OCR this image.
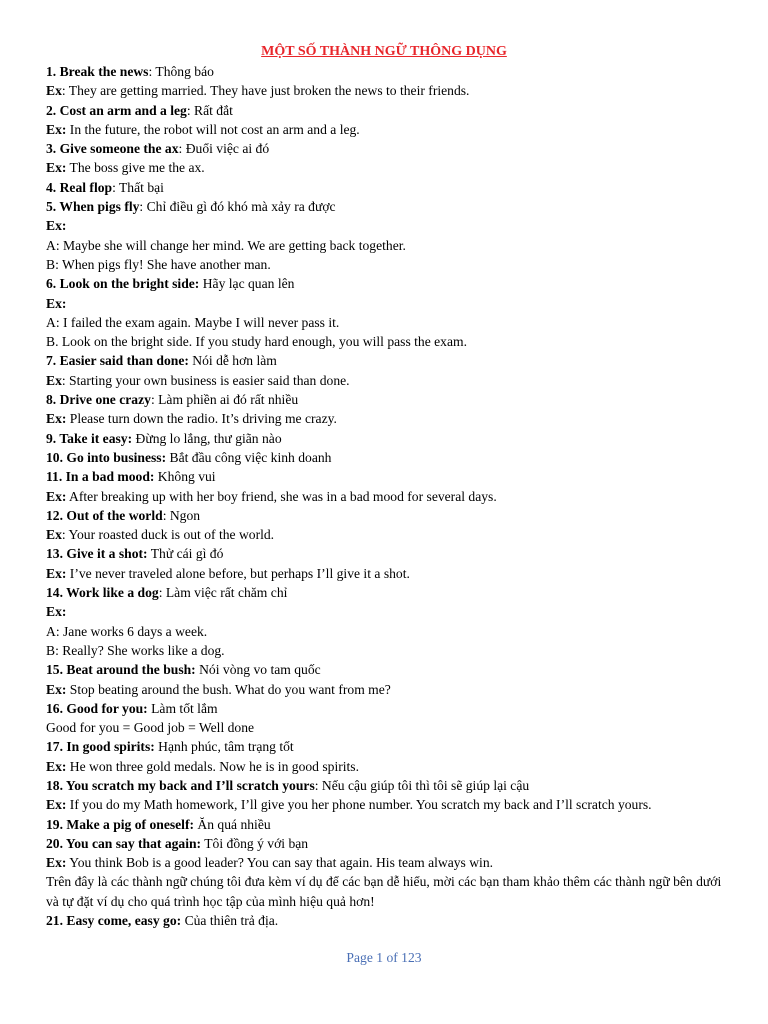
MỘT SỐ THÀNH NGỮ THÔNG DỤNG
1. Break the news: Thông báo
Ex: They are getting married. They have just broken the news to their friends.
2. Cost an arm and a leg: Rất đắt
Ex: In the future, the robot will not cost an arm and a leg.
3. Give someone the ax: Đuổi việc ai đó
Ex: The boss give me the ax.
4. Real flop: Thất bại
5. When pigs fly: Chỉ điều gì đó khó mà xảy ra được
Ex:
A: Maybe she will change her mind. We are getting back together.
B: When pigs fly! She have another man.
6. Look on the bright side: Hãy lạc quan lên
Ex:
A: I failed the exam again. Maybe I will never pass it.
B. Look on the bright side. If you study hard enough, you will pass the exam.
7. Easier said than done: Nói dễ hơn làm
Ex: Starting your own business is easier said than done.
8. Drive one crazy: Làm phiền ai đó rất nhiều
Ex: Please turn down the radio. It’s driving me crazy.
9. Take it easy: Đừng lo lắng, thư giãn nào
10. Go into business: Bắt đầu công việc kinh doanh
11. In a bad mood: Không vui
Ex: After breaking up with her boy friend, she was in a bad mood for several days.
12. Out of the world: Ngon
Ex: Your roasted duck is out of the world.
13. Give it a shot: Thử cái gì đó
Ex: I’ve never traveled alone before, but perhaps I’ll give it a shot.
14. Work like a dog: Làm việc rất chăm chỉ
Ex:
A: Jane works 6 days a week.
B: Really? She works like a dog.
15. Beat around the bush: Nói vòng vo tam quốc
Ex: Stop beating around the bush. What do you want from me?
16. Good for you: Làm tốt lắm
Good for you = Good job = Well done
17. In good spirits: Hạnh phúc, tâm trạng tốt
Ex: He won three gold medals. Now he is in good spirits.
18. You scratch my back and I’ll scratch yours: Nếu cậu giúp tôi thì tôi sẽ giúp lại cậu
Ex: If you do my Math homework, I’ll give you her phone number. You scratch my back and I’ll scratch yours.
19. Make a pig of oneself: Ăn quá nhiều
20. You can say that again: Tôi đồng ý với bạn
Ex: You think Bob is a good leader? You can say that again. His team always win.
Trên đây là các thành ngữ chúng tôi đưa kèm ví dụ để các bạn dễ hiểu, mời các bạn tham khảo thêm các thành ngữ bên dưới và tự đặt ví dụ cho quá trình học tập của mình hiệu quả hơn!
21. Easy come, easy go: Của thiên trả địa.
Page 1 of 123
